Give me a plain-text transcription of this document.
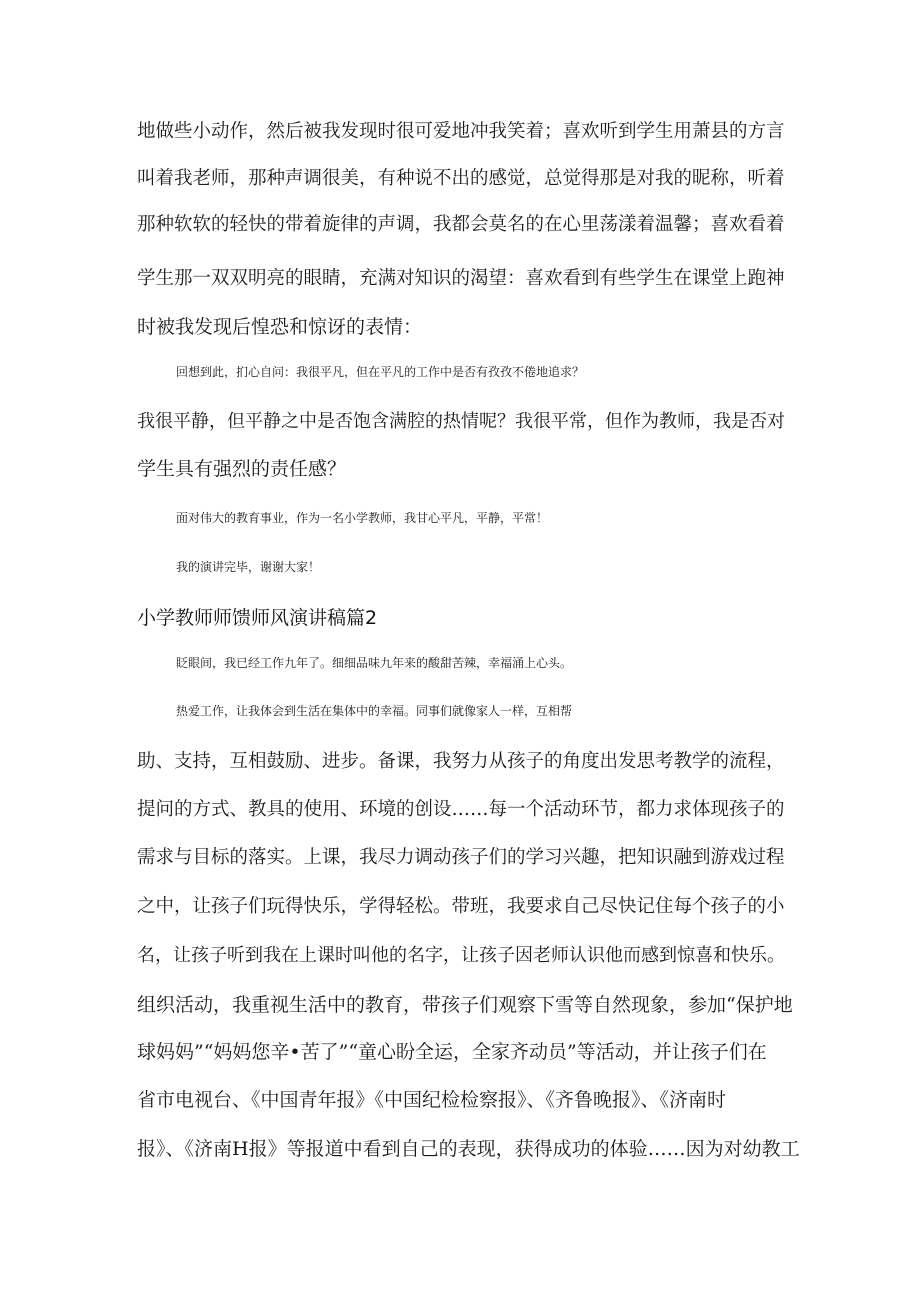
地做些小动作，然后被我发现时很可爱地冲我笑着；喜欢听到学生用萧县的方言
叫着我老师，那种声调很美，有种说不出的感觉，总觉得那是对我的昵称，听着
那种软软的轻快的带着旋律的声调，我都会莫名的在心里荡漾着温馨；喜欢看着
学生那一双双明亮的眼睛，充满对知识的渴望：喜欢看到有些学生在课堂上跑神
时被我发现后惶恐和惊讶的表情：
回想到此，扪心自问：我很平凡，但在平凡的工作中是否有孜孜不倦地追求？
我很平静，但平静之中是否饱含满腔的热情呢？我很平常，但作为教师，我是否对
学生具有强烈的责任感？
面对伟大的教育事业，作为一名小学教师，我甘心平凡，平静，平常！
我的演讲完毕，谢谢大家！
小学教师师馈师风演讲稿篇2
眨眼间，我已经工作九年了。细细品味九年来的酸甜苦辣，幸福涌上心头。
热爱工作，让我体会到生活在集体中的幸福。同事们就像家人一样，互相帮
助、支持，互相鼓励、进步。备课，我努力从孩子的角度出发思考教学的流程，
提问的方式、教具的使用、环境的创设……每一个活动环节，都力求体现孩子的
需求与目标的落实。上课，我尽力调动孩子们的学习兴趣，把知识融到游戏过程
之中，让孩子们玩得快乐，学得轻松。带班，我要求自己尽快记住每个孩子的小
名，让孩子听到我在上课时叫他的名字，让孩子因老师认识他而感到惊喜和快乐。
组织活动，我重视生活中的教育，带孩子们观察下雪等自然现象，参加“保护地
球妈妈”“妈妈您辛•苦了”“童心盼全运，全家齐动员”等活动，并让孩子们在
省市电视台、《中国青年报》《中国纪检检察报》、《齐鲁晚报》、《济南时
报》、《济南H报》等报道中看到自己的表现，获得成功的体验……因为对幼教工
